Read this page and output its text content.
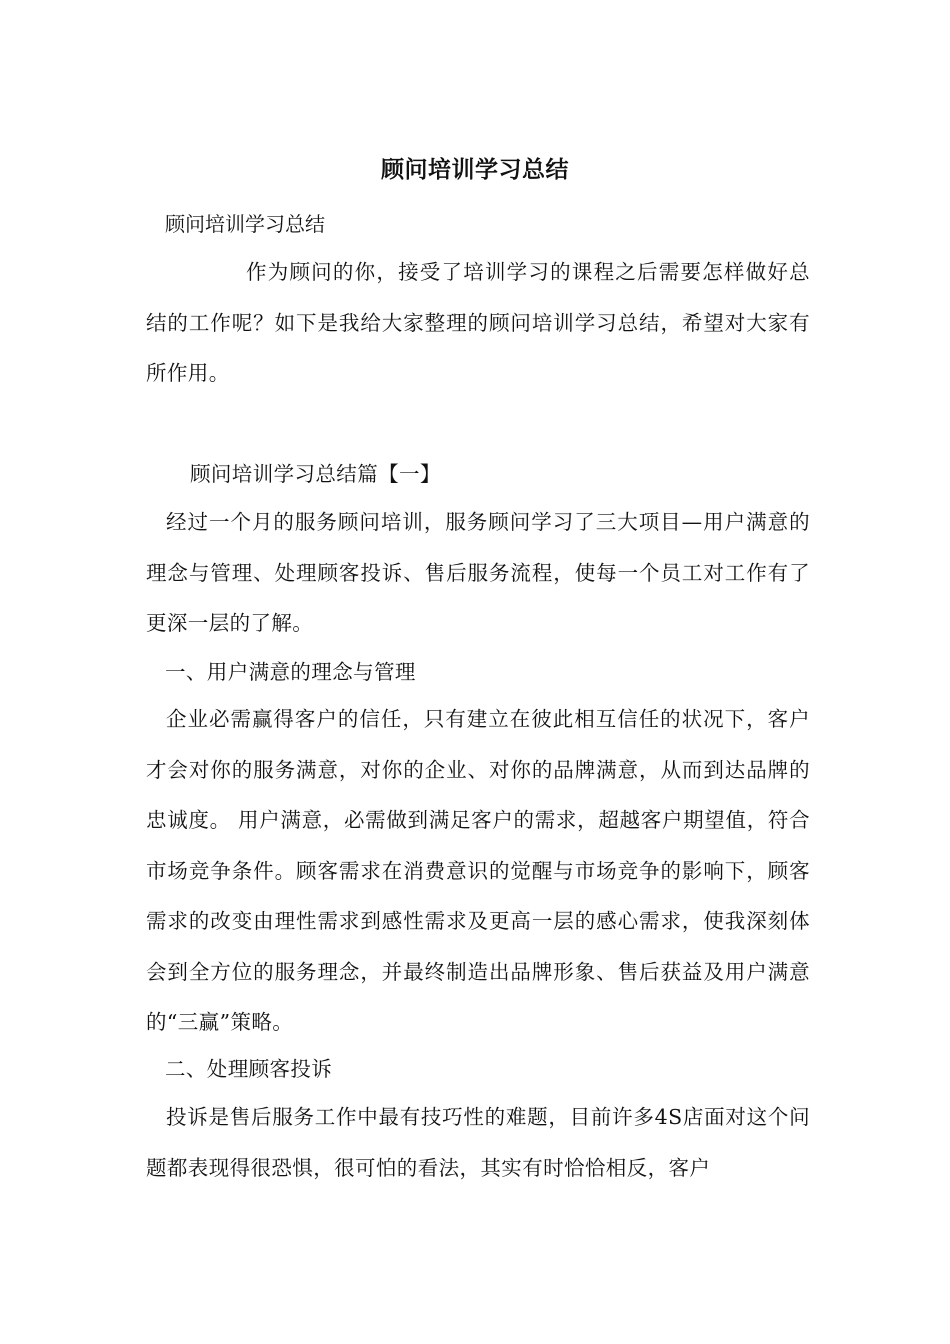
顾问培训学习总结
顾问培训学习总结

作为顾问的你，接受了培训学习的课程之后需要怎样做好总结的工作呢？如下是我给大家整理的顾问培训学习总结，希望对大家有所作用。

顾问培训学习总结篇【一】

经过一个月的服务顾问培训，服务顾问学习了三大项目—用户满意的理念与管理、处理顾客投诉、售后服务流程，使每一个员工对工作有了更深一层的了解。

一、用户满意的理念与管理

企业必需赢得客户的信任，只有建立在彼此相互信任的状况下，客户才会对你的服务满意，对你的企业、对你的品牌满意，从而到达品牌的忠诚度。 用户满意，必需做到满足客户的需求，超越客户期望值，符合市场竞争条件。顾客需求在消费意识的觉醒与市场竞争的影响下，顾客需求的改变由理性需求到感性需求及更高一层的感心需求，使我深刻体会到全方位的服务理念，并最终制造出品牌形象、售后获益及用户满意的“三赢”策略。

二、处理顾客投诉

投诉是售后服务工作中最有技巧性的难题，目前许多4S店面对这个问题都表现得很恐惧，很可怕的看法，其实有时恰恰相反，客户
